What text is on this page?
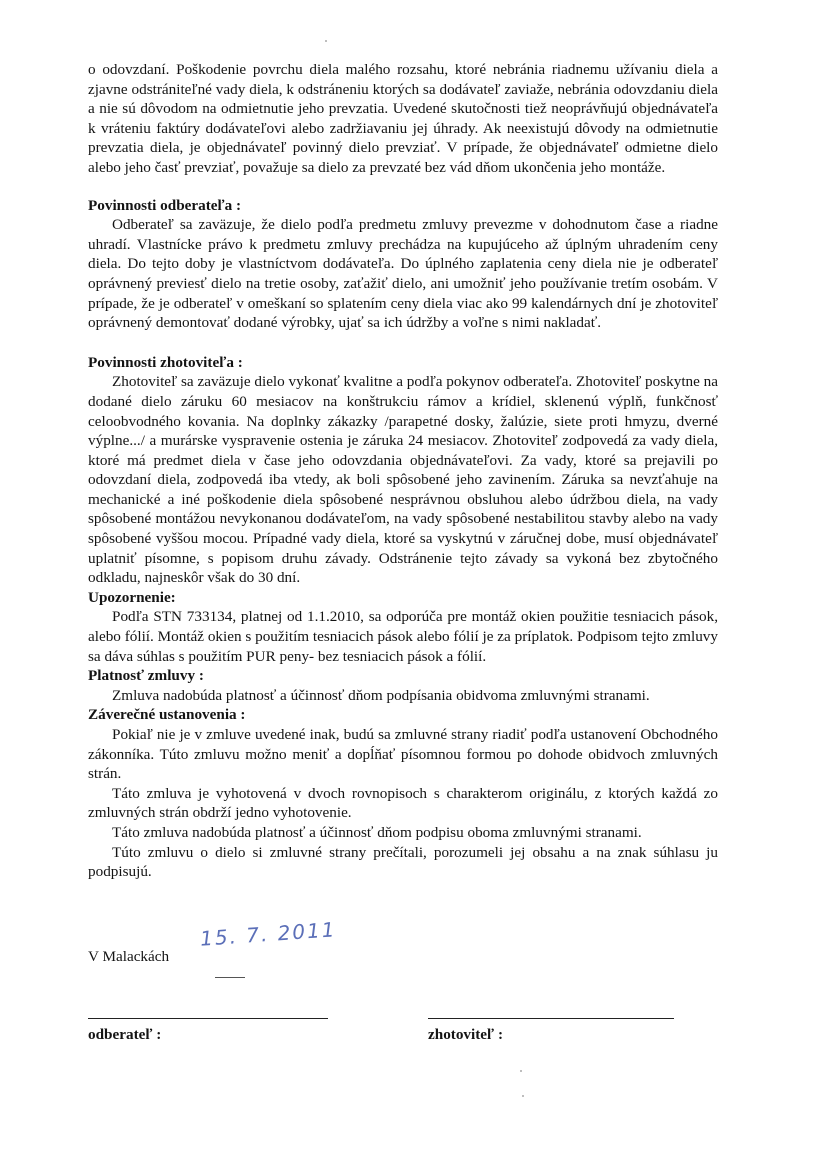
o odovzdaní. Poškodenie povrchu diela malého rozsahu, ktoré nebránia riadnemu užívaniu diela a zjavne odstrániteľné vady diela, k odstráneniu ktorých sa dodávateľ zaviaže, nebránia odovzdaniu diela a nie sú dôvodom na odmietnutie jeho prevzatia. Uvedené skutočnosti tiež neoprávňujú objednávateľa k vráteniu faktúry dodávateľovi alebo zadržiavaniu jej úhrady. Ak neexistujú dôvody na odmietnutie prevzatia diela, je objednávateľ povinný dielo prevziať. V prípade, že objednávateľ odmietne dielo alebo jeho časť prevziať, považuje sa dielo za prevzaté bez vád dňom ukončenia jeho montáže.

Povinnosti odberateľa :

Odberateľ sa zaväzuje, že dielo podľa predmetu zmluvy prevezme v dohodnutom čase a riadne uhradí. Vlastnícke právo k predmetu zmluvy prechádza na kupujúceho až úplným uhradením ceny diela. Do tejto doby je vlastníctvom dodávateľa. Do úplného zaplatenia ceny diela nie je odberateľ oprávnený previesť dielo na tretie osoby, zaťažiť dielo, ani umožniť jeho používanie tretím osobám. V prípade, že je odberateľ v omeškaní so splatením ceny diela viac ako 99 kalendárnych dní je zhotoviteľ oprávnený demontovať dodané výrobky, ujať sa ich údržby a voľne s nimi nakladať.

Povinnosti zhotoviteľa :

Zhotoviteľ sa zaväzuje dielo vykonať kvalitne a podľa pokynov odberateľa. Zhotoviteľ poskytne na dodané dielo záruku 60 mesiacov na konštrukciu rámov a krídiel, sklenenú výplň, funkčnosť celoobvodného kovania. Na doplnky zákazky /parapetné dosky, žalúzie, siete proti hmyzu, dverné výplne.../ a murárske vyspravenie ostenia je záruka 24 mesiacov. Zhotoviteľ zodpovedá za vady diela, ktoré má predmet diela v čase jeho odovzdania objednávateľovi. Za vady, ktoré sa prejavili po odovzdaní diela, zodpovedá iba vtedy, ak boli spôsobené jeho zavinením. Záruka sa nevzťahuje na mechanické a iné poškodenie diela spôsobené nesprávnou obsluhou alebo údržbou diela, na vady spôsobené montážou nevykonanou dodávateľom, na vady spôsobené nestabilitou stavby alebo na vady spôsobené vyššou mocou. Prípadné vady diela, ktoré sa vyskytnú v záručnej dobe, musí objednávateľ uplatniť písomne, s popisom druhu závady. Odstránenie tejto závady sa vykoná bez zbytočného odkladu, najneskôr však do 30 dní.

Upozornenie:

Podľa STN 733134, platnej od 1.1.2010, sa odporúča pre montáž okien použitie tesniacich pások, alebo fólií. Montáž okien s použitím tesniacich pások alebo fólií je za príplatok. Podpisom tejto zmluvy sa dáva súhlas s použitím PUR peny- bez tesniacich pások a fólií.

Platnosť zmluvy :

Zmluva nadobúda platnosť a účinnosť dňom podpísania obidvoma zmluvnými stranami.

Záverečné ustanovenia :

Pokiaľ nie je v zmluve uvedené inak, budú sa zmluvné strany riadiť podľa ustanovení Obchodného zákonníka. Túto zmluvu možno meniť a dopĺňať písomnou formou po dohode obidvoch zmluvných strán.

Táto zmluva je vyhotovená v dvoch rovnopisoch s charakterom originálu, z ktorých každá zo zmluvných strán obdrží jedno vyhotovenie.

Táto zmluva nadobúda platnosť a účinnosť dňom podpisu oboma zmluvnými stranami.

Túto zmluvu o dielo si zmluvné strany prečítali, porozumeli jej obsahu a na znak súhlasu ju podpisujú.

15. 7. 2011
V Malackách
odberateľ :	zhotoviteľ :
